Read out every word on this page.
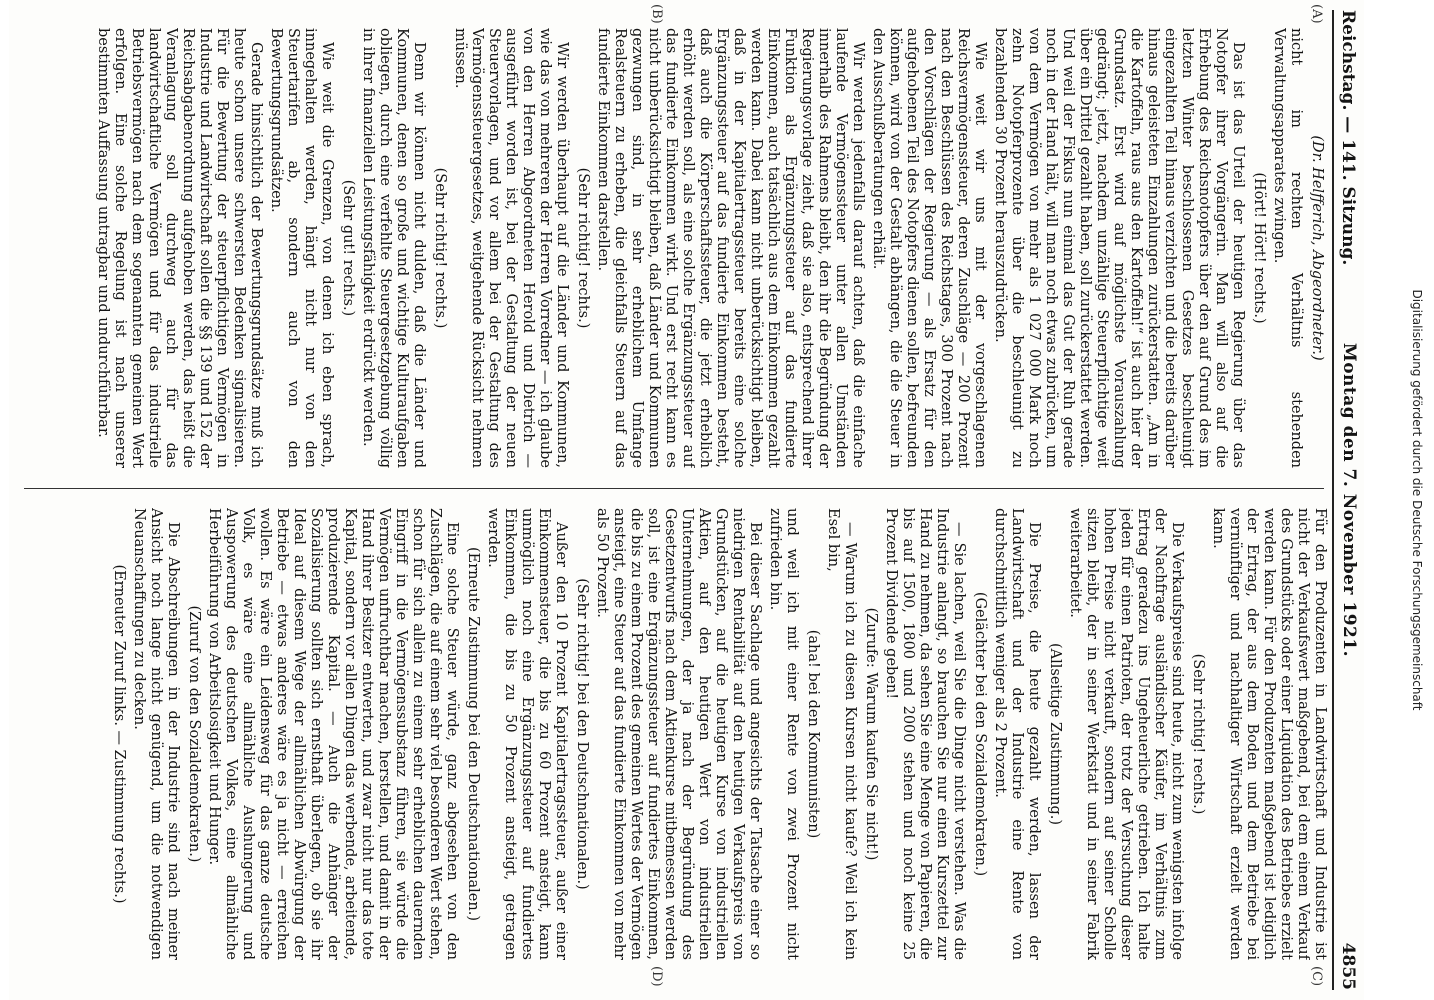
Reichstag. — 141. Sitzung.
Montag den 7. November 1921.
4855
(A)
(B)
(C)
(D)
(Dr. Helfferich, Abgeordneter.)

nicht im rechten Verhältnis stehenden Verwaltungsapparates zwingen.

(Hört! Hört! rechts.)

Das ist das Urteil der heutigen Regierung über das Notopfer ihrer Vorgängerin. Man will also auf die Erhebung des Reichsnotopfers über den auf Grund des im letzten Winter beschlossenen Gesetzes beschleunigt eingezahlten Teil hinaus verzichten und die bereits darüber hinaus geleisteten Einzahlungen zurückerstatten. „Am in die Kartoffeln, raus aus den Kartoffeln!“ ist auch hier der Grundsatz. Erst wird auf möglichste Vorauszahlung gedrängt; jetzt, nachdem unzählige Steuerpflichtige weit über ein Drittel gezahlt haben, soll zurückerstattet werden. Und weil der Fiskus nun einmal das Gut der Ruh gerade noch in der Hand hält, will man noch etwas zubrücken, um von dem Vermögen von mehr als 1 027 000 Mark noch zehn Notopferprozente über die beschleunigt zu bezahlenden 30 Prozent herauszudrücken.

Wie weit wir uns mit der vorgeschlagenen Reichsvermögenssteuer, deren Zuschläge — 200 Prozent nach den Beschlüssen des Reichstages, 300 Prozent nach den Vorschlägen der Regierung — als Ersatz für den aufgehobenen Teil des Notopfers dienen sollen, befreunden können, wird von der Gestalt abhängen, die die Steuer in den Ausschußberatungen erhält.

Wir werden jedenfalls darauf achten, daß die einfache laufende Vermögenssteuer unter allen Umständen innerhalb des Rahmens bleibt, den ihr die Begründung der Regierungsvorlage zieht, daß sie also, entsprechend ihrer Funktion als Ergänzungssteuer auf das fundierte Einkommen, auch tatsächlich aus dem Einkommen gezahlt werden kann. Dabei kann nicht unberücksichtigt bleiben, daß in der Kapitalertragssteuer bereits eine solche Ergänzungssteuer auf das fundierte Einkommen besteht, daß auch die Körperschaftssteuer, die jetzt erheblich erhöht werden soll, als eine solche Ergänzungssteuer auf das fundierte Einkommen wirkt. Und erst recht kann es nicht unberücksichtigt bleiben, daß Länder und Kommunen gezwungen sind, in sehr erheblichem Umfange Realsteuern zu erheben, die gleichfalls Steuern auf das fundierte Einkommen darstellen.

(Sehr richtig! rechts.)

Wir werden überhaupt auf die Länder und Kommunen, wie das von mehreren der Herren Vorredner — ich glaube von den Herren Abgeordneten Herold und Dietrich — ausgeführt worden ist, bei der Gestaltung der neuen Steuervorlagen, und vor allem bei der Gestaltung des Vermögenssteuergesetzes, weitgehende Rücksicht nehmen müssen.

(Sehr richtig! rechts.)

Denn wir können nicht dulden, daß die Länder und Kommunen, denen so große und wichtige Kulturaufgaben obliegen, durch eine verfehlte Steuergesetzgebung völlig in ihrer finanziellen Leistungsfähigkeit erdrückt werden.

(Sehr gut! rechts.)

Wie weit die Grenzen, von denen ich eben sprach, innegehalten werden, hängt nicht nur von den Steuertarifen ab, sondern auch von den Bewertungsgrundsätzen.

Gerade hinsichtlich der Bewertungsgrundsätze muß ich heute schon unsere schwersten Bedenken signalisieren. Für die Bewertung der steuerpflichtigen Vermögen in Industrie und Landwirtschaft sollen die §§ 139 und 152 der Reichsabgabenordnung aufgehoben werden, das heißt die Veranlagung soll durchweg auch für das landwirtschaftliche Vermögen und für das industrielle Betriebsvermögen nach dem sogenannten gemeinen Wert erfolgen. Eine solche Regelung ist nach unserer bestimmten Auffassung untragbar und undurchführbar.

Für den Produzenten in Landwirtschaft und Industrie ist nicht der Verkaufswert maßgebend, bei dem einem Verkauf des Grundstücks oder einer Liquidation des Betriebes erzielt werden kann. Für den Produzenten maßgebend ist lediglich der Ertrag, der aus dem Boden und dem Betriebe bei vernünftiger und nachhaltiger Wirtschaft erzielt werden kann.

(Sehr richtig! rechts.)

Die Verkaufspreise sind heute, nicht zum wenigsten infolge der Nachfrage ausländischer Käufer, im Verhältnis zum Ertrag geradezu ins Ungeheuerliche getrieben. Ich halte jeden für einen Patrioten, der trotz der Versuchung dieser hohen Preise nicht verkauft, sondern auf seiner Scholle sitzen bleibt, der in seiner Werkstatt und in seiner Fabrik weiterarbeitet.

(Allseitige Zustimmung.)

Die Preise, die heute gezahlt werden, lassen der Landwirtschaft und der Industrie eine Rente von durchschnittlich weniger als 2 Prozent.

(Gelächter bei den Sozialdemokraten.)

— Sie lachen, weil Sie die Dinge nicht verstehen. Was die Industrie anlangt, so brauchen Sie nur einen Kurszettel zur Hand zu nehmen, da sehen Sie eine Menge von Papieren, die bis auf 1500, 1800 und 2000 stehen und noch keine 25 Prozent Dividende geben!

(Zurufe: Warum kaufen Sie nicht!)

— Warum ich zu diesen Kursen nicht kaufe? Weil ich kein Esel bin,

(aha! bei den Kommunisten)

und weil ich mit einer Rente von zwei Prozent nicht zufrieden bin.

Bei dieser Sachlage und angesichts der Tatsache einer so niedrigen Rentabilität auf den heutigen Verkaufspreis von Grundstücken, auf die heutigen Kurse von industriellen Aktien, auf den heutigen Wert von industriellen Unternehmungen, der ja nach der Begründung des Gesetzentwurfs nach dem Aktienkurse mitbemessen werden soll, ist eine Ergänzungssteuer auf fundiertes Einkommen, die bis zu einem Prozent des gemeinen Wertes der Vermögen ansteigt, eine Steuer auf das fundierte Einkommen von mehr als 50 Prozent.

(Sehr richtig! bei den Deutschnationalen.)

Außer den 10 Prozent Kapitalertragssteuer, außer einer Einkommensteuer, die bis zu 60 Prozent ansteigt, kann unmöglich noch eine Ergänzungssteuer auf fundiertes Einkommen, die bis zu 50 Prozent ansteigt, getragen werden.

(Erneute Zustimmung bei den Deutschnationalen.)

Eine solche Steuer würde, ganz abgesehen von den Zuschlägen, die auf einem sehr viel besonderen Wert stehen, schon für sich allein zu einem sehr erheblichen dauernden Eingriff in die Vermögenssubstanz führen, sie würde die Vermögen unfruchtbar machen, herstellen, und damit in der Hand ihrer Besitzer entwerten, und zwar nicht nur das tote Kapital, sondern vor allen Dingen das werbende, arbeitende, produzierende Kapital. — Auch die Anhänger der Sozialisierung sollten sich ernsthaft überlegen, ob sie ihr Ideal auf diesem Wege der allmählichen Abwürgung der Betriebe — etwas anderes wäre es ja nicht — erreichen wollen. Es wäre ein Leidensweg für das ganze deutsche Volk, es wäre eine allmähliche Aushungerung und Auspowerung des deutschen Volkes, eine allmähliche Herbeiführung von Arbeitslosigkeit und Hunger.

(Zuruf von den Sozialdemokraten.)

Die Abschreibungen in der Industrie sind nach meiner Ansicht noch lange nicht genügend, um die notwendigen Neuanschaffungen zu decken.

(Erneuter Zuruf links. — Zustimmung rechts.)
Digitalisierung gefördert durch die Deutsche Forschungsgemeinschaft
